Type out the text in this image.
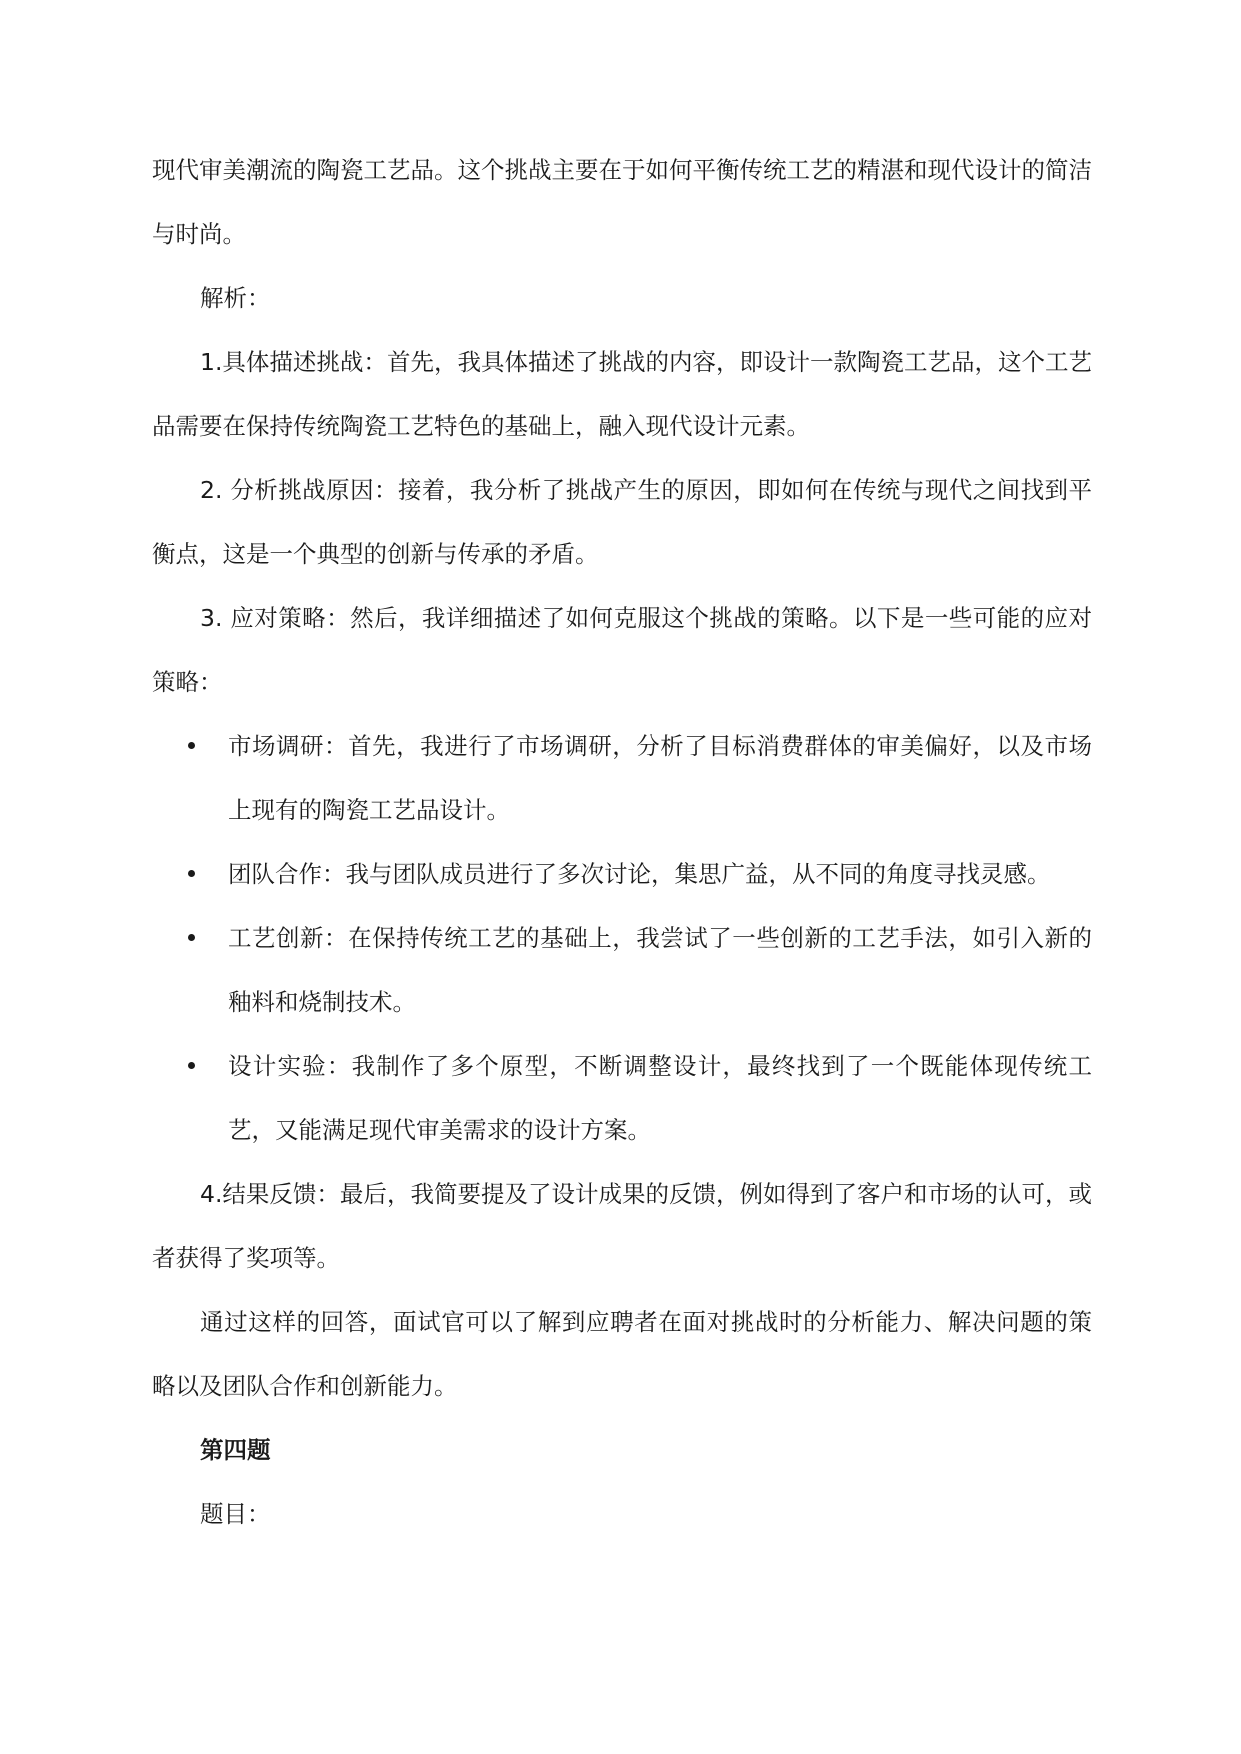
现代审美潮流的陶瓷工艺品。这个挑战主要在于如何平衡传统工艺的精湛和现代设计的简洁与时尚。

解析：

1.具体描述挑战：首先，我具体描述了挑战的内容，即设计一款陶瓷工艺品，这个工艺品需要在保持传统陶瓷工艺特色的基础上，融入现代设计元素。

2. 分析挑战原因：接着，我分析了挑战产生的原因，即如何在传统与现代之间找到平衡点，这是一个典型的创新与传承的矛盾。

3. 应对策略：然后，我详细描述了如何克服这个挑战的策略。以下是一些可能的应对策略：

市场调研：首先，我进行了市场调研，分析了目标消费群体的审美偏好，以及市场上现有的陶瓷工艺品设计。
团队合作：我与团队成员进行了多次讨论，集思广益，从不同的角度寻找灵感。
工艺创新：在保持传统工艺的基础上，我尝试了一些创新的工艺手法，如引入新的釉料和烧制技术。
设计实验：我制作了多个原型，不断调整设计，最终找到了一个既能体现传统工艺，又能满足现代审美需求的设计方案。

4.结果反馈：最后，我简要提及了设计成果的反馈，例如得到了客户和市场的认可，或者获得了奖项等。

通过这样的回答，面试官可以了解到应聘者在面对挑战时的分析能力、解决问题的策略以及团队合作和创新能力。

第四题

题目：
